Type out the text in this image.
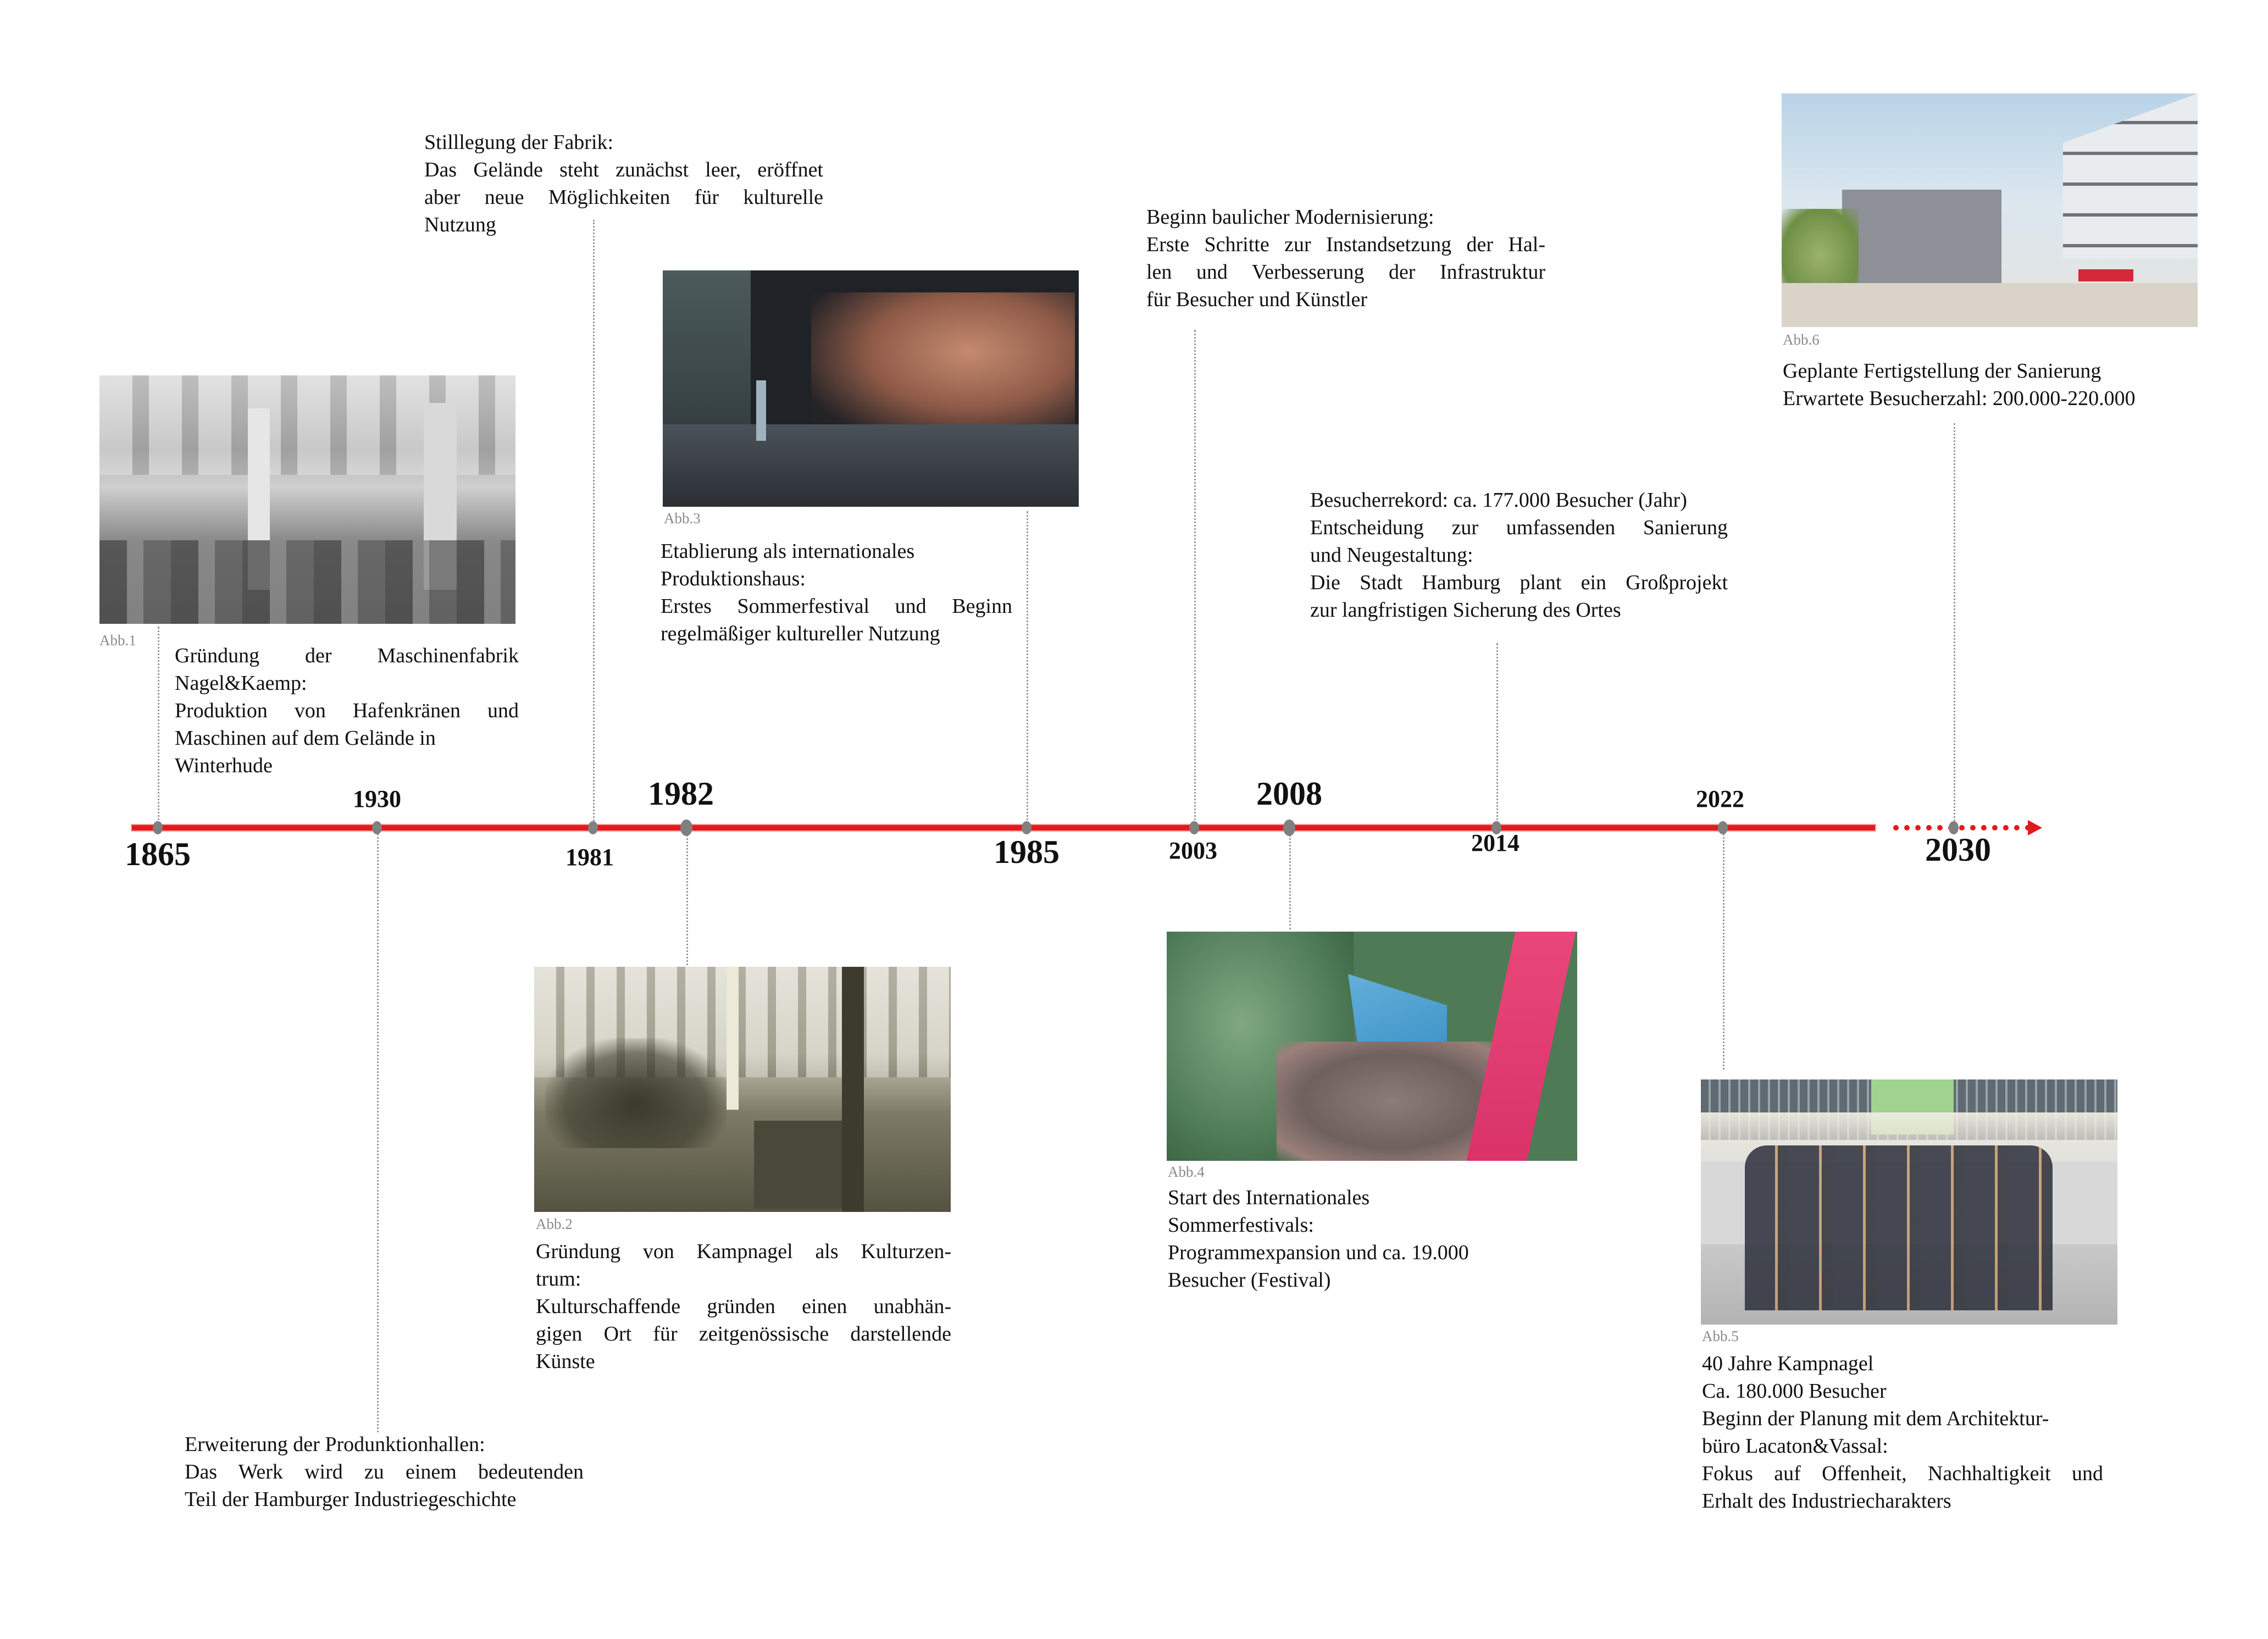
1865
1930
1981
1982
1985	2003
2008
2014
2022
2030
Abb.1
Gründung der Maschinenfabrik
Nagel&Kaemp:
Produktion von Hafenkränen und
Maschinen auf dem Gelände in
Winterhude
Erweiterung der Produnktionhallen:
Das Werk wird zu einem bedeutenden
Teil der Hamburger Industriegeschichte
Stilllegung der Fabrik:
Das Gelände steht zunächst leer, eröffnet
aber neue Möglichkeiten für kulturelle
Nutzung
Abb.2
Gründung von Kampnagel als Kulturzen-
trum:
Kulturschaffende gründen einen unabhän-
gigen Ort für zeitgenössische darstellende
Künste
Abb.3
Etablierung als internationales
Produktionshaus:
Erstes Sommerfestival und Beginn
regelmäßiger kultureller Nutzung
Beginn baulicher Modernisierung:
Erste Schritte zur Instandsetzung der Hal-
len und Verbesserung der Infrastruktur
für Besucher und Künstler
Abb.4
Start des Internationales
Sommerfestivals:
Programmexpansion und ca. 19.000
Besucher (Festival)
Besucherrekord: ca. 177.000 Besucher (Jahr)
Entscheidung zur umfassenden Sanierung
und Neugestaltung:
Die Stadt Hamburg plant ein Großprojekt
zur langfristigen Sicherung des Ortes
Abb.5
40 Jahre Kampnagel
Ca. 180.000 Besucher
Beginn der Planung mit dem Architektur-
büro Lacaton&Vassal:
Fokus auf Offenheit, Nachhaltigkeit und
Erhalt des Industriecharakters
Abb.6
Geplante Fertigstellung der Sanierung
Erwartete Besucherzahl: 200.000-220.000
